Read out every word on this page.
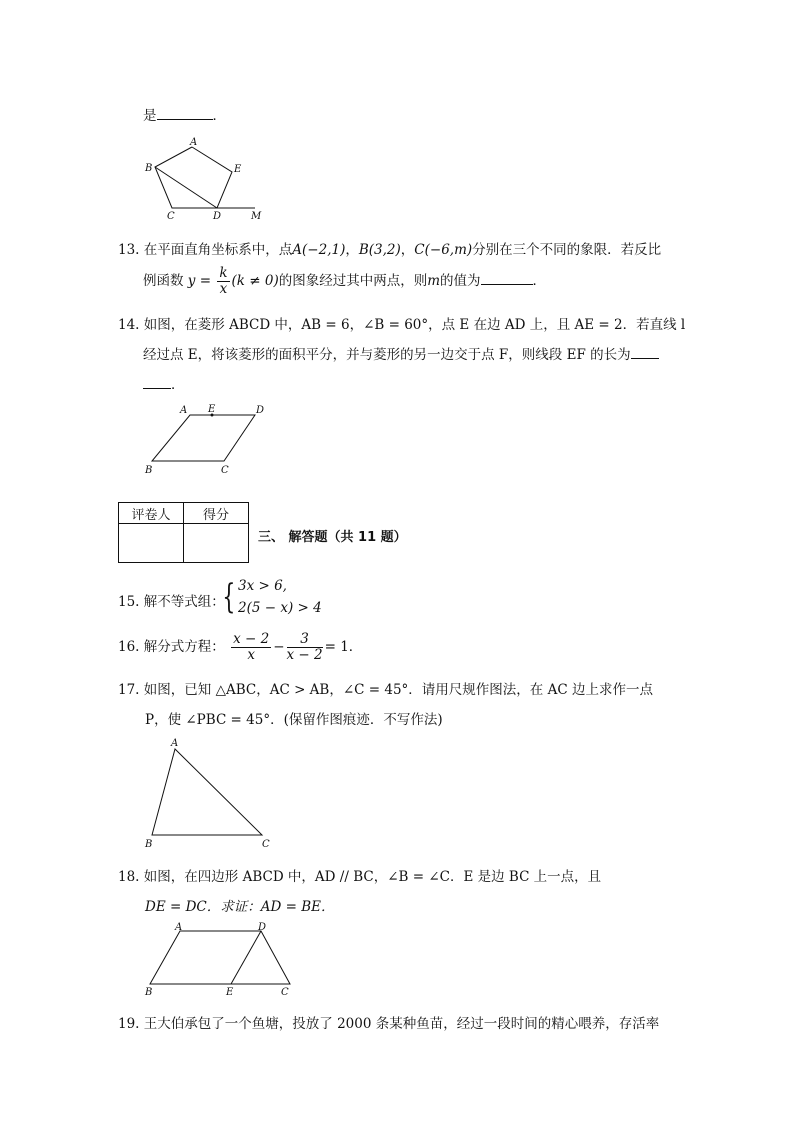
是	．
A
B	E
C	D	M
13. 在平面直角坐标系中，点A(−2,1)，B(3,2)，C(−6,m)分别在三个不同的象限．若反比
例函数 $y = \frac{k}{x} (k \ne 0)$的图象经过其中两点，则m的值为	．
14. 如图，在菱形 ABCD 中，AB = 6，∠B = 60°，点 E 在边 AD 上，且 AE = 2．若直线 l
经过点 E，将该菱形的面积平分，并与菱形的另一边交于点 F，则线段 EF 的长为
．
A E	D
B	C
评卷人	得分

三、 解答题（共 11 题）
15. 解不等式组：
{ 3x > 6,
2(5 − x) > 4
16. 解分式方程： $\frac{x - 2}{x} - \frac{3}{x - 2} = 1$．
17. 如图，已知 △ABC，AC > AB，∠C = 45°．请用尺规作图法，在 AC 边上求作一点
P，使 ∠PBC = 45°．(保留作图痕迹．不写作法)
A
B	C
18. 如图，在四边形 ABCD 中，AD // BC，∠B = ∠C．E 是边 BC 上一点，且
DE = DC．求证：AD = BE．
A	D
B	E	C
19. 王大伯承包了一个鱼塘，投放了 2000 条某种鱼苗，经过一段时间的精心喂养，存活率
